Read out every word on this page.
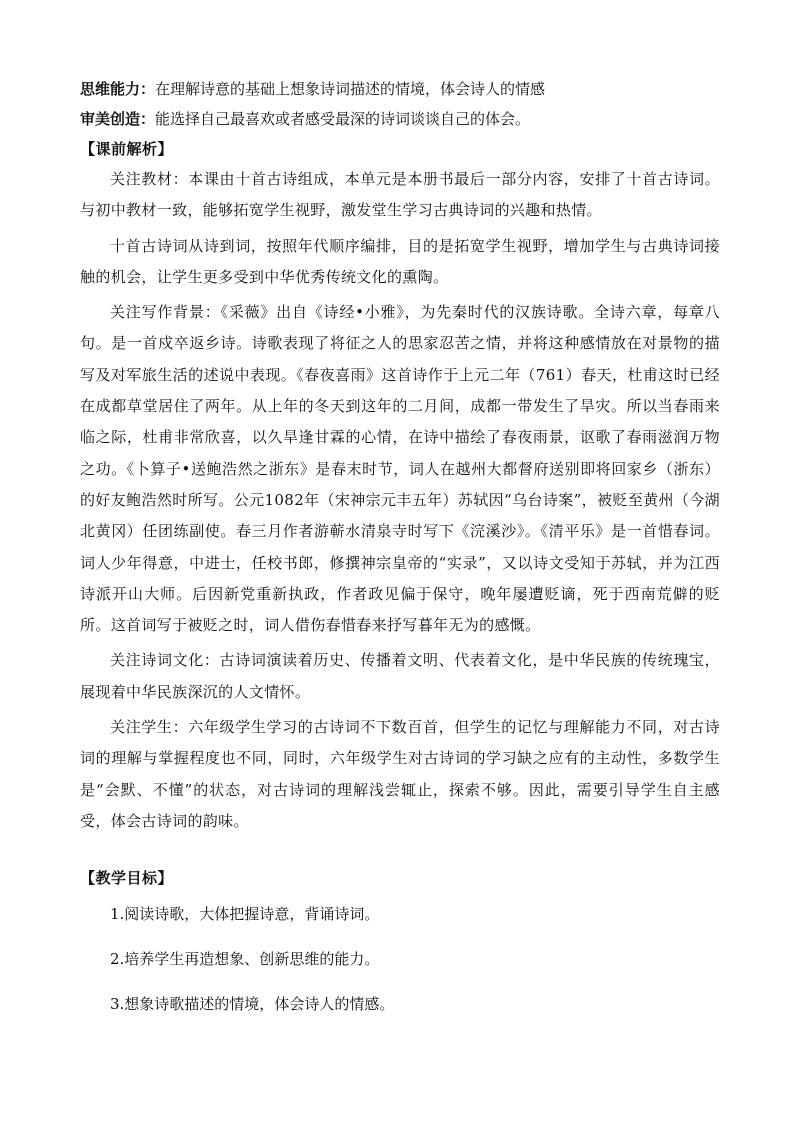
思维能力：在理解诗意的基础上想象诗词描述的情境，体会诗人的情感

审美创造：能选择自己最喜欢或者感受最深的诗词谈谈自己的体会。

【课前解析】

关注教材：本课由十首古诗组成，本单元是本册书最后一部分内容，安排了十首古诗词。与初中教材一致，能够拓宽学生视野，激发堂生学习古典诗词的兴趣和热情。

十首古诗词从诗到词，按照年代顺序编排，目的是拓宽学生视野，增加学生与古典诗词接触的机会，让学生更多受到中华优秀传统文化的熏陶。

关注写作背景：《采薇》出自《诗经•小雅》，为先秦时代的汉族诗歌。全诗六章，每章八句。是一首戍卒返乡诗。诗歌表现了将征之人的思家忍苦之情，并将这种感情放在对景物的描写及对军旅生活的述说中表现。《春夜喜雨》这首诗作于上元二年（761）春天，杜甫这时已经在成都草堂居住了两年。从上年的冬天到这年的二月间，成都一带发生了旱灾。所以当春雨来临之际，杜甫非常欣喜，以久旱逢甘霖的心情，在诗中描绘了春夜雨景，讴歌了春雨滋润万物之功。《卜算子•送鲍浩然之浙东》是春末时节，词人在越州大都督府送别即将回家乡（浙东）的好友鲍浩然时所写。公元1082年（宋神宗元丰五年）苏轼因“乌台诗案”，被贬至黄州（今湖北黄冈）任团练副使。春三月作者游蕲水清泉寺时写下《浣溪沙》。《清平乐》是一首惜春词。词人少年得意，中进士，任校书郎，修撰神宗皇帝的“实录”，又以诗文受知于苏轼，并为江西诗派开山大师。后因新党重新执政，作者政见偏于保守，晚年屡遭贬谪，死于西南荒僻的贬所。这首词写于被贬之时，词人借伤春惜春来抒写暮年无为的感慨。

关注诗词文化：古诗词演读着历史、传播着文明、代表着文化，是中华民族的传统瑰宝，展现着中华民族深沉的人文情怀。

关注学生：六年级学生学习的古诗词不下数百首，但学生的记忆与理解能力不同，对古诗词的理解与掌握程度也不同，同时，六年级学生对古诗词的学习缺之应有的主动性，多数学生是“会默、不懂”的状态，对古诗词的理解浅尝辄止，探索不够。因此，需要引导学生自主感受，体会古诗词的韵味。

【教学目标】

1.阅读诗歌，大体把握诗意，背诵诗词。
2.培养学生再造想象、创新思维的能力。
3.想象诗歌描述的情境，体会诗人的情感。
